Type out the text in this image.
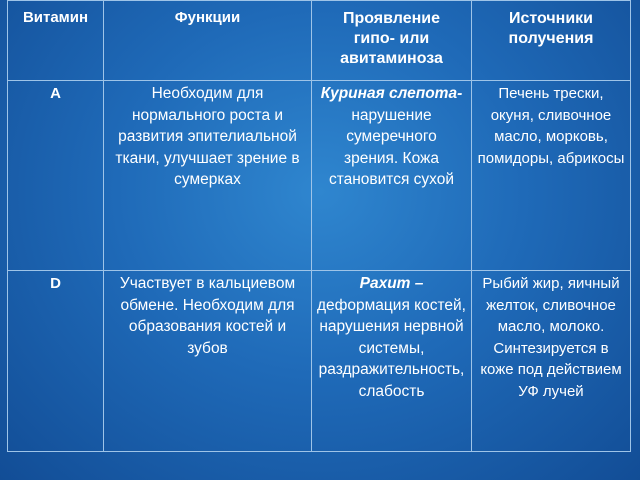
Витамин	Функции	Проявление гипо- или авитаминоза	Источники получения

A	Необходим для нормального роста и развития эпителиальной ткани, улучшает зрение в сумерках	Куриная слепота- нарушение сумеречного зрения. Кожа становится сухой	Печень трески, окуня, сливочное масло, морковь, помидоры, абрикосы

D	Участвует в кальциевом обмене. Необходим для образования костей и зубов	Рахит – деформация костей, нарушения нервной системы, раздражительность, слабость	Рыбий жир, яичный желток, сливочное масло, молоко. Синтезируется в коже под действием УФ лучей
